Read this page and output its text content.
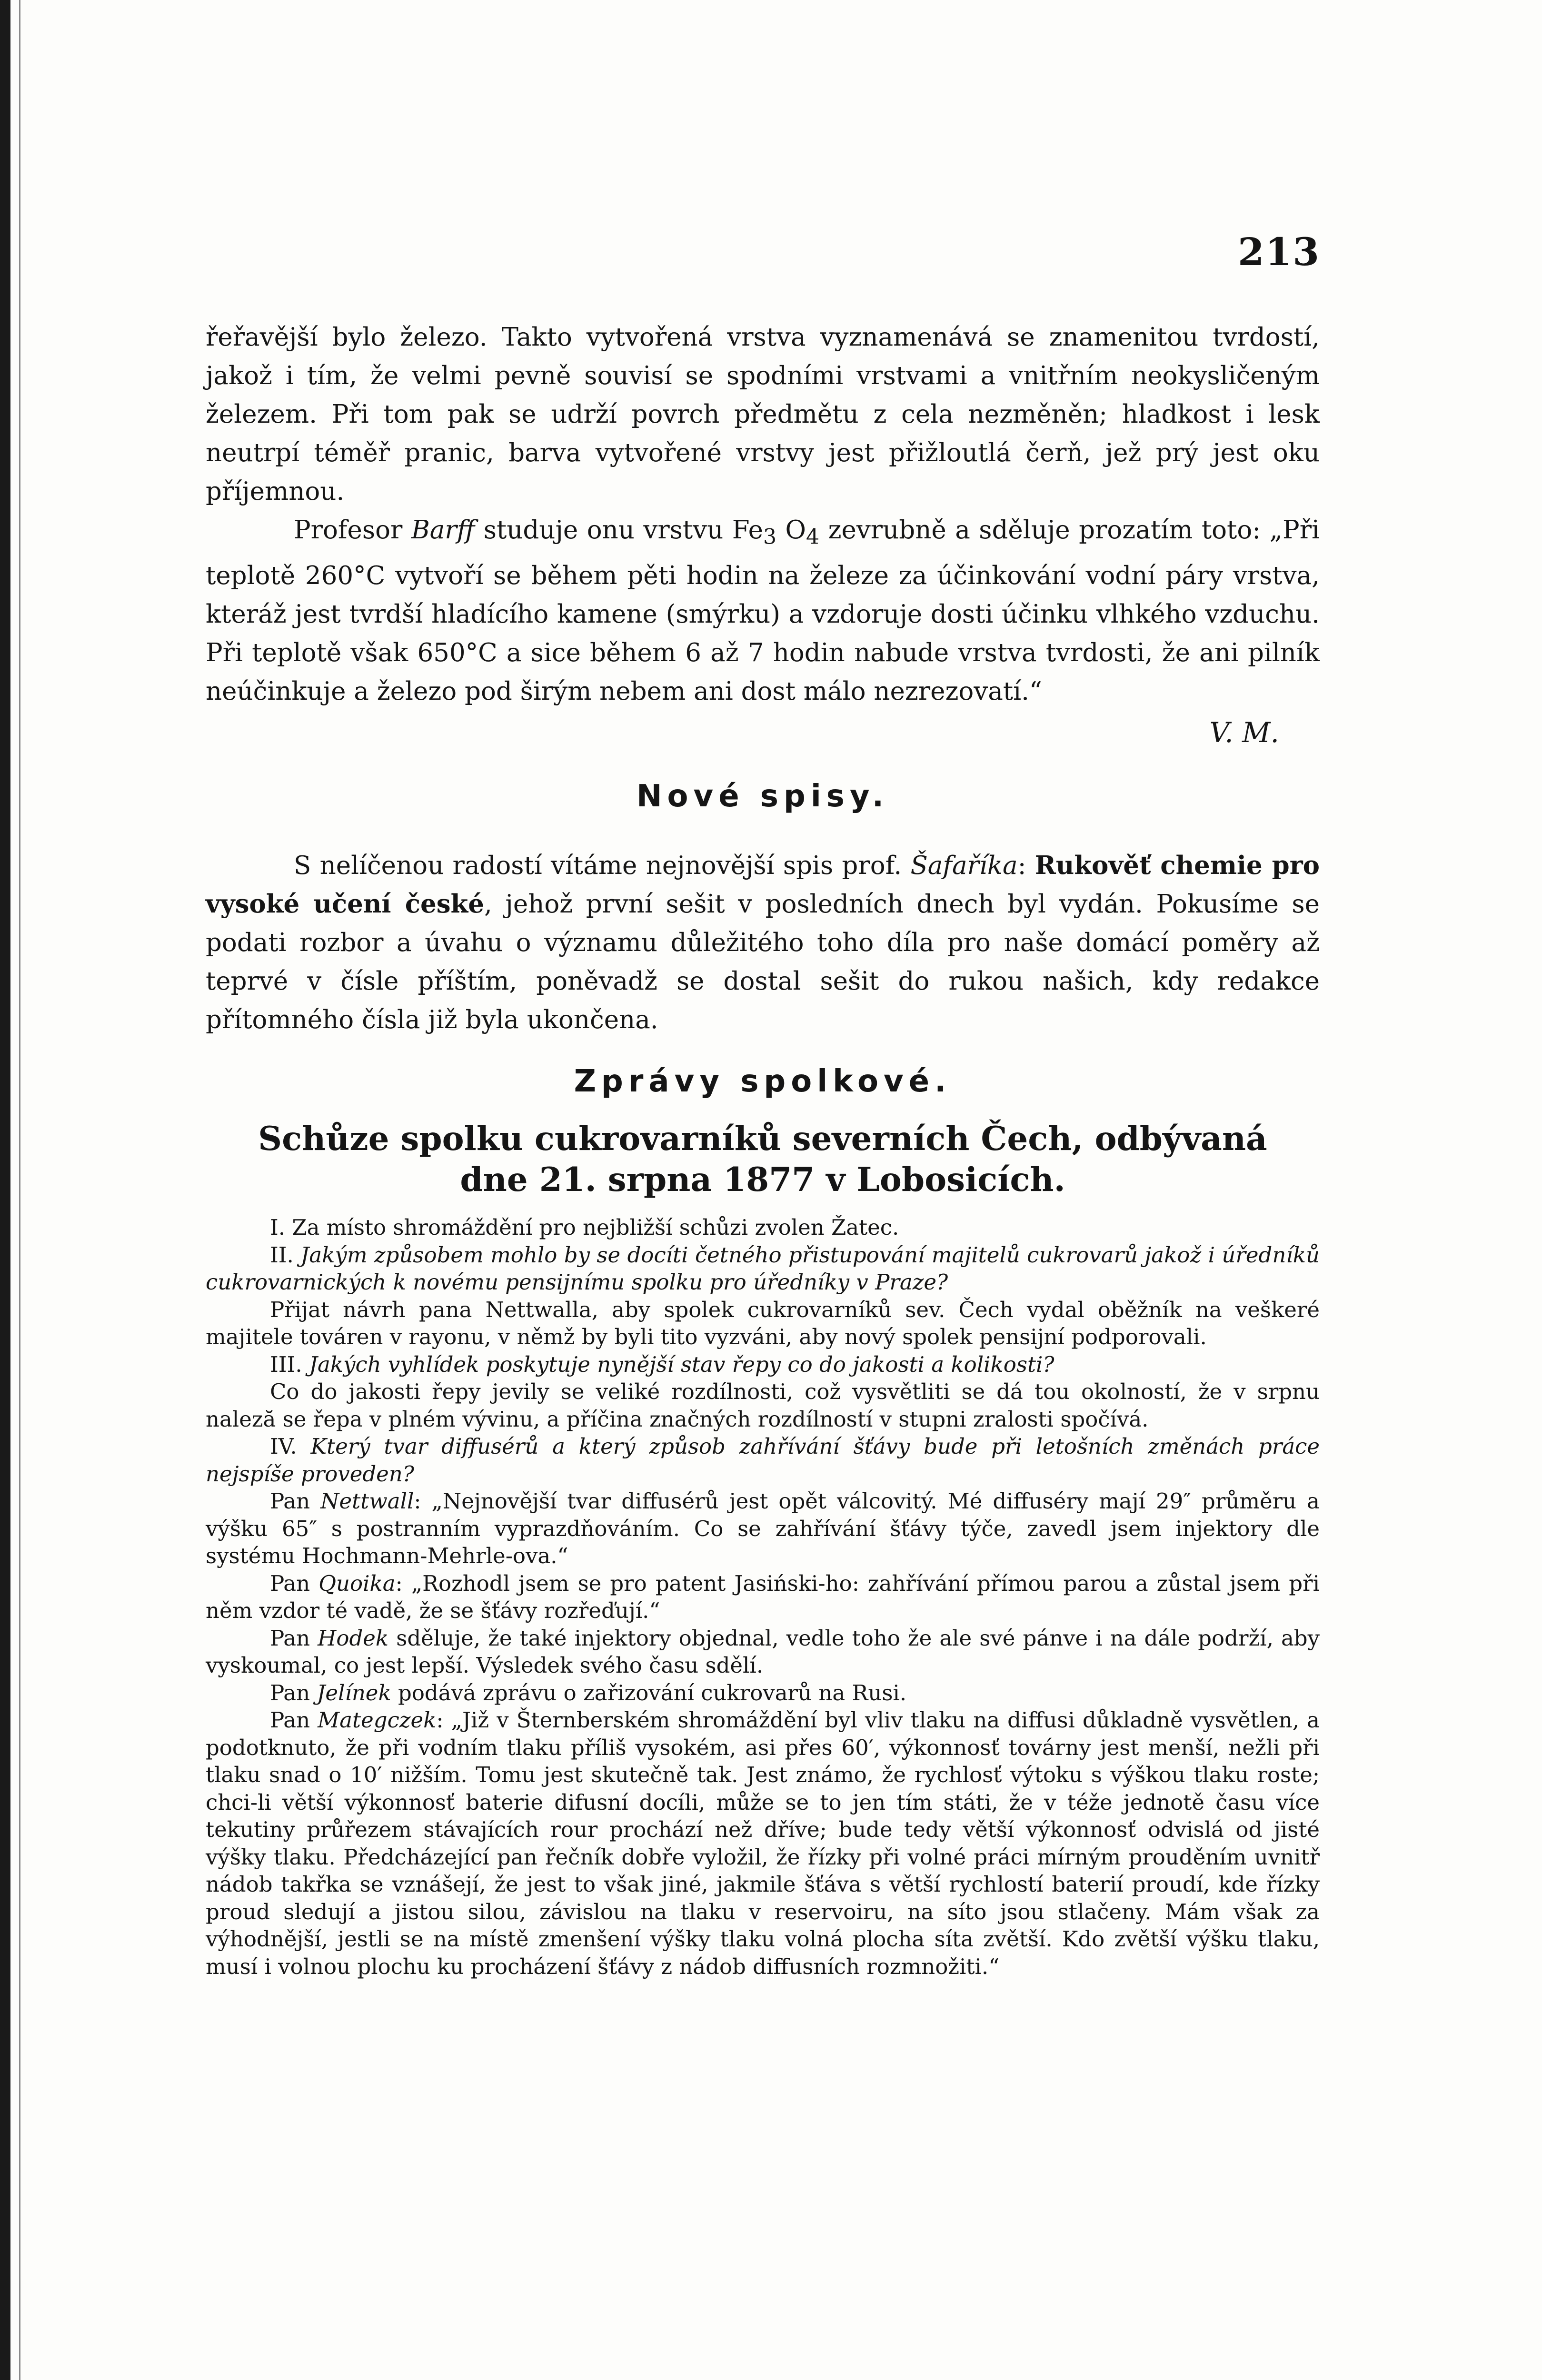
213

řeřavější bylo železo. Takto vytvořená vrstva vyznamenává se znamenitou tvrdostí, jakož i tím, že velmi pevně souvisí se spodními vrstvami a vnitřním neokysličeným železem. Při tom pak se udrží povrch předmětu z cela nezměněn; hladkost i lesk neutrpí téměř pranic, barva vytvořené vrstvy jest přižloutlá čerň, jež prý jest oku příjemnou.

Profesor Barff studuje onu vrstvu $Fe_3$ $O_4$ zevrubně a sděluje prozatím toto: „Při teplotě 260°C vytvoří se během pěti hodin na železe za účinkování vodní páry vrstva, kteráž jest tvrdší hladícího kamene (smýrku) a vzdoruje dosti účinku vlhkého vzduchu. Při teplotě však 650°C a sice během 6 až 7 hodin nabude vrstva tvrdosti, že ani pilník neúčinkuje a železo pod širým nebem ani dost málo nezrezovatí.“

V. M.

Nové spisy.

S nelíčenou radostí vítáme nejnovější spis prof. Šafaříka: Rukověť chemie pro vysoké učení české, jehož první sešit v posledních dnech byl vydán. Pokusíme se podati rozbor a úvahu o významu důležitého toho díla pro naše domácí poměry až teprvé v čísle příštím, poněvadž se dostal sešit do rukou našich, kdy redakce přítomného čísla již byla ukončena.

Zprávy spolkové.
Schůze spolku cukrovarníků severních Čech, odbývaná
dne 21. srpna 1877 v Lobosicích.

I. Za místo shromáždění pro nejbližší schůzi zvolen Žatec.

II. Jakým způsobem mohlo by se docíti četného přistupování majitelů cukrovarů jakož i úředníků cukrovarnických k novému pensijnímu spolku pro úředníky v Praze?

Přijat návrh pana Nettwalla, aby spolek cukrovarníků sev. Čech vydal oběžník na veškeré majitele továren v rayonu, v němž by byli tito vyzváni, aby nový spolek pensijní podporovali.

III. Jakých vyhlídek poskytuje nynější stav řepy co do jakosti a kolikosti?

Co do jakosti řepy jevily se veliké rozdílnosti, což vysvětliti se dá tou okolností, že v srpnu naleză se řepa v plném vývinu, a příčina značných rozdílností v stupni zralosti spočívá.

IV. Který tvar diffusérů a který způsob zahřívání šťávy bude při letošních změnách práce nejspíše proveden?

Pan Nettwall: „Nejnovější tvar diffusérů jest opět válcovitý. Mé diffuséry mají 29″ průměru a výšku 65″ s postranním vyprazdňováním. Co se zahřívání šťávy týče, zavedl jsem injektory dle systému Hochmann-Mehrle-ova.“

Pan Quoika: „Rozhodl jsem se pro patent Jasiński-ho: zahřívání přímou parou a zůstal jsem při něm vzdor té vadě, že se šťávy rozřeďují.“

Pan Hodek sděluje, že také injektory objednal, vedle toho že ale své pánve i na dále podrží, aby vyskoumal, co jest lepší. Výsledek svého času sdělí.

Pan Jelínek podává zprávu o zařizování cukrovarů na Rusi.

Pan Mategczek: „Již v Šternberském shromáždění byl vliv tlaku na diffusi důkladně vysvětlen, a podotknuto, že při vodním tlaku příliš vysokém, asi přes 60′, výkonnosť továrny jest menší, nežli při tlaku snad o 10′ nižším. Tomu jest skutečně tak. Jest známo, že rychlosť výtoku s výškou tlaku roste; chci-li větší výkonnosť baterie difusní docíli, může se to jen tím státi, že v téže jednotě času více tekutiny průřezem stávajících rour prochází než dříve; bude tedy větší výkonnosť odvislá od jisté výšky tlaku. Předcházející pan řečník dobře vyložil, že řízky při volné práci mírným prouděním uvnitř nádob takřka se vznášejí, že jest to však jiné, jakmile šťáva s větší rychlostí baterií proudí, kde řízky proud sledují a jistou silou, závislou na tlaku v reservoiru, na síto jsou stlačeny. Mám však za výhodnější, jestli se na místě zmenšení výšky tlaku volná plocha síta zvětší. Kdo zvětší výšku tlaku, musí i volnou plochu ku procházení šťávy z nádob diffusních rozmnožiti.“
